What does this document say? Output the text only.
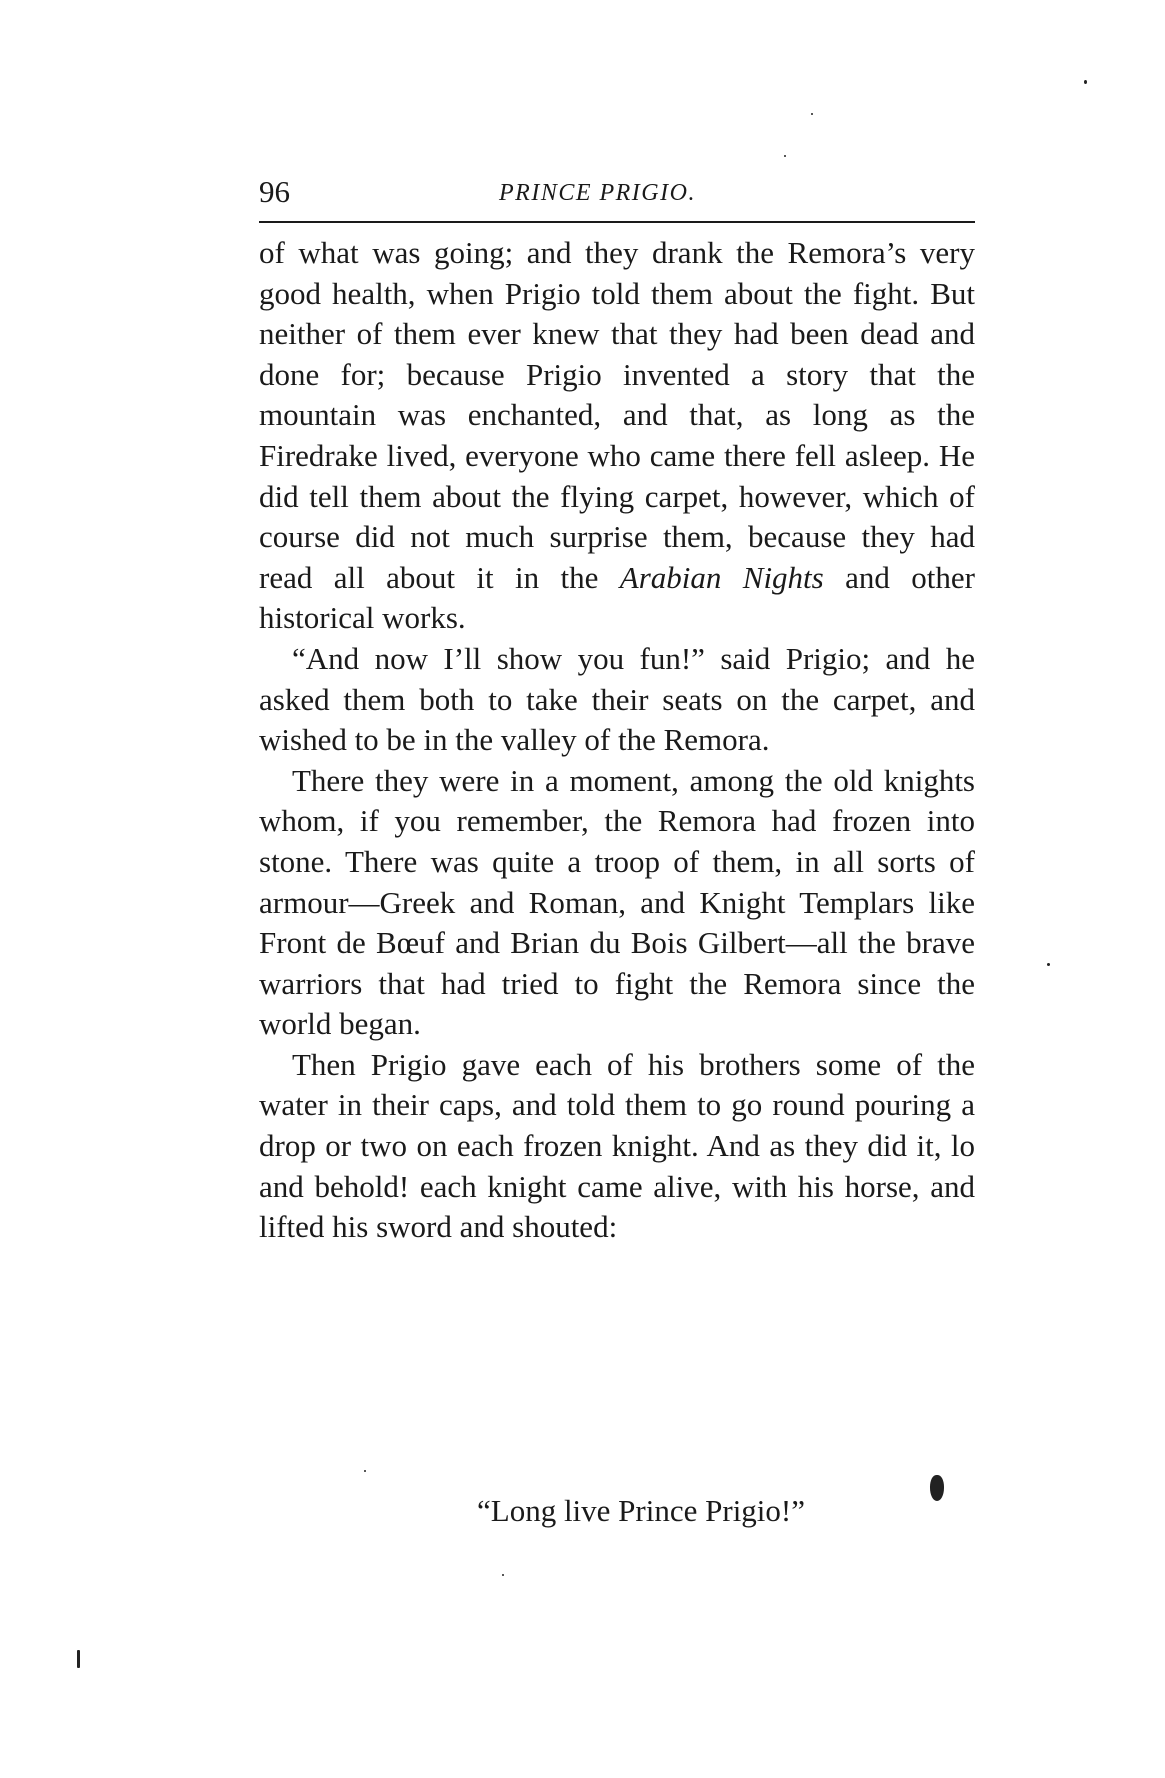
96	PRINCE PRIGIO.

of what was going; and they drank the Remora’s very good health, when Prigio told them about the fight. But neither of them ever knew that they had been dead and done for; because Prigio invented a story that the mountain was enchanted, and that, as long as the Firedrake lived, everyone who came there fell asleep. He did tell them about the flying carpet, however, which of course did not much surprise them, because they had read all about it in the Arabian Nights and other historical works.

“And now I’ll show you fun!” said Prigio; and he asked them both to take their seats on the carpet, and wished to be in the valley of the Remora.

There they were in a moment, among the old knights whom, if you remember, the Remora had frozen into stone. There was quite a troop of them, in all sorts of armour—Greek and Roman, and Knight Templars like Front de Bœuf and Brian du Bois Gilbert—all the brave warriors that had tried to fight the Remora since the world began.

Then Prigio gave each of his brothers some of the water in their caps, and told them to go round pouring a drop or two on each frozen knight. And as they did it, lo and behold! each knight came alive, with his horse, and lifted his sword and shouted:

“Long live Prince Prigio!”
